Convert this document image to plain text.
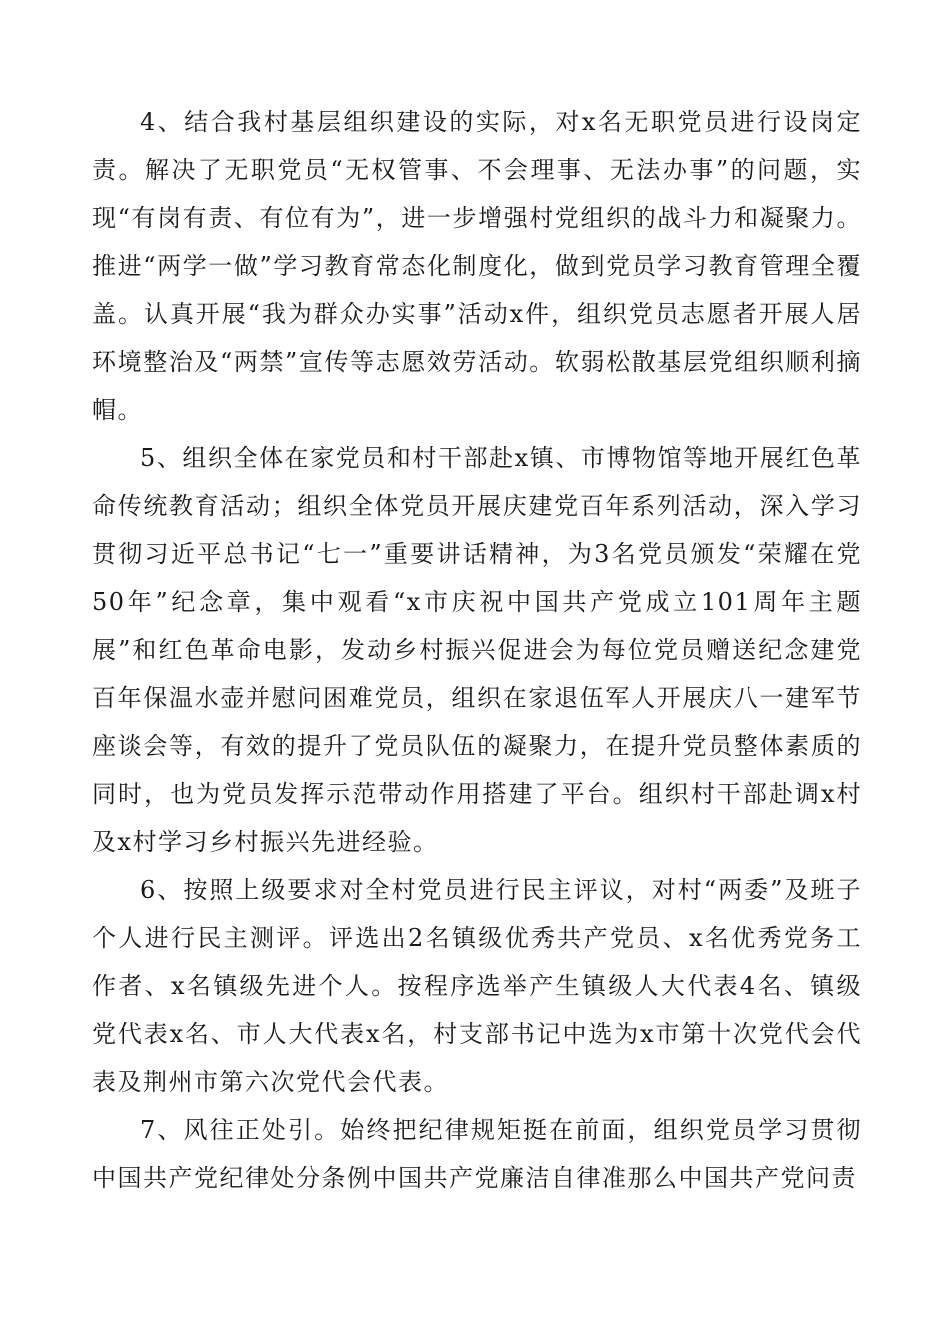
4、结合我村基层组织建设的实际，对x名无职党员进行设岗定责。解决了无职党员“无权管事、不会理事、无法办事”的问题，实现“有岗有责、有位有为”，进一步增强村党组织的战斗力和凝聚力。推进“两学一做”学习教育常态化制度化，做到党员学习教育管理全覆盖。认真开展“我为群众办实事”活动x件，组织党员志愿者开展人居环境整治及“两禁”宣传等志愿效劳活动。软弱松散基层党组织顺利摘帽。

5、组织全体在家党员和村干部赴x镇、市博物馆等地开展红色革命传统教育活动；组织全体党员开展庆建党百年系列活动，深入学习贯彻习近平总书记“七一”重要讲话精神，为3名党员颁发“荣耀在党50年”纪念章，集中观看“x市庆祝中国共产党成立101周年主题展”和红色革命电影，发动乡村振兴促进会为每位党员赠送纪念建党百年保温水壶并慰问困难党员，组织在家退伍军人开展庆八一建军节座谈会等，有效的提升了党员队伍的凝聚力，在提升党员整体素质的同时，也为党员发挥示范带动作用搭建了平台。组织村干部赴调x村及x村学习乡村振兴先进经验。

6、按照上级要求对全村党员进行民主评议，对村“两委”及班子个人进行民主测评。评选出2名镇级优秀共产党员、x名优秀党务工作者、x名镇级先进个人。按程序选举产生镇级人大代表4名、镇级党代表x名、市人大代表x名，村支部书记中选为x市第十次党代会代表及荆州市第六次党代会代表。

7、风往正处引。始终把纪律规矩挺在前面，组织党员学习贯彻中国共产党纪律处分条例中国共产党廉洁自律准那么中国共产党问责
